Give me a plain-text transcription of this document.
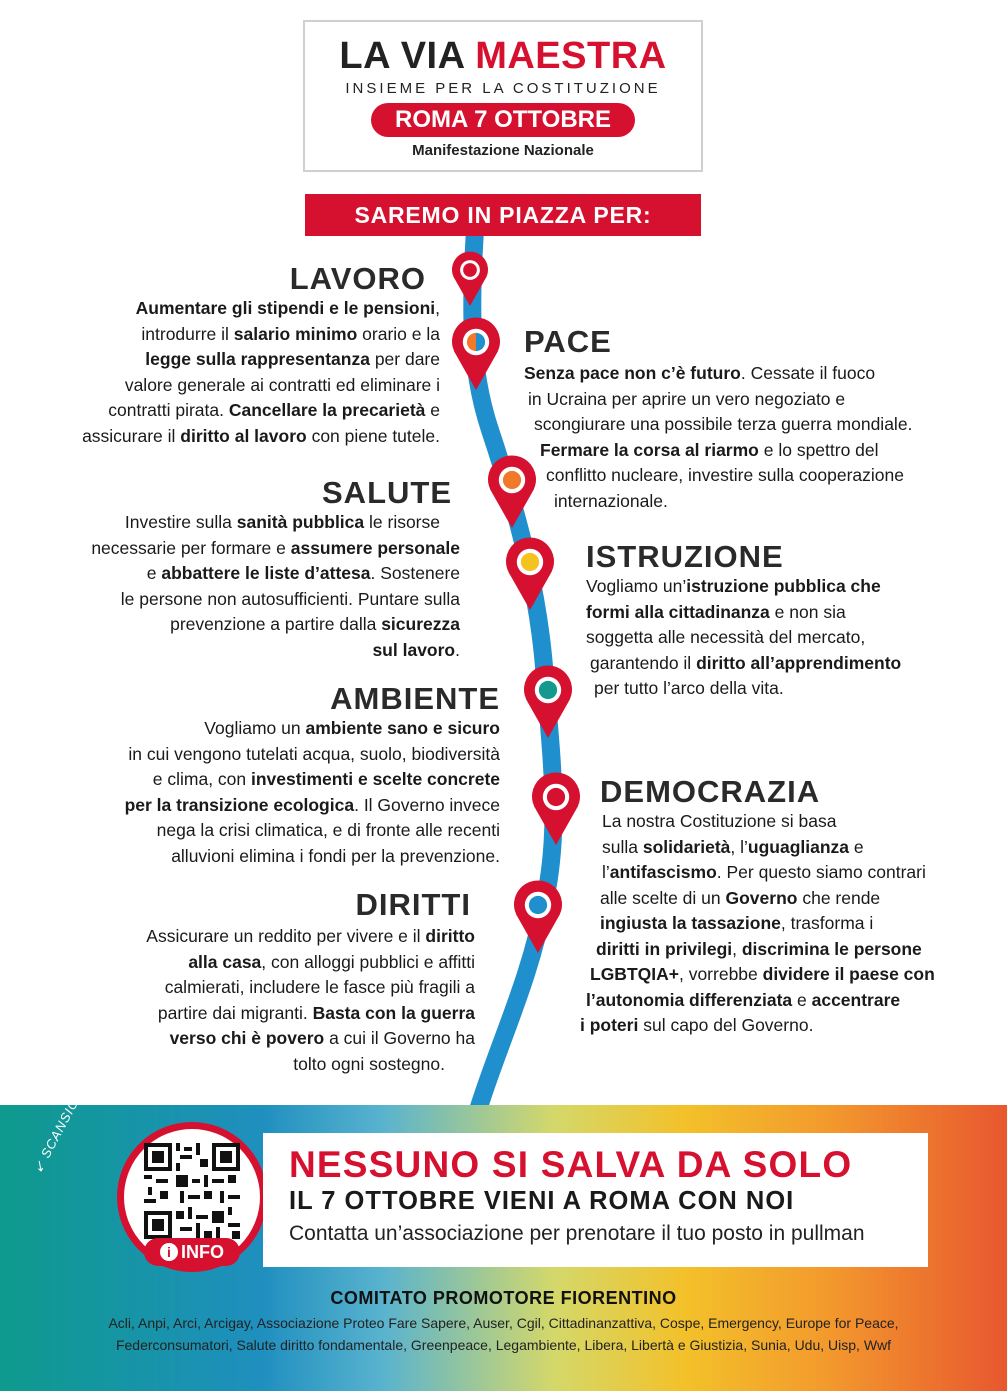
LA VIA MAESTRA
INSIEME PER LA COSTITUZIONE
ROMA 7 OTTOBRE
Manifestazione Nazionale
SAREMO IN PIAZZA PER:
LAVORO
Aumentare gli stipendi e le pensioni,
introdurre il salario minimo orario e la
legge sulla rappresentanza per dare
valore generale ai contratti ed eliminare i
contratti pirata. Cancellare la precarietà e
assicurare il diritto al lavoro con piene tutele.
PACE
Senza pace non c’è futuro. Cessate il fuoco
in Ucraina per aprire un vero negoziato e
scongiurare una possibile terza guerra mondiale.
Fermare la corsa al riarmo e lo spettro del
conflitto nucleare, investire sulla cooperazione
internazionale.
SALUTE
Investire sulla sanità pubblica le risorse
necessarie per formare e assumere personale
e abbattere le liste d’attesa. Sostenere
le persone non autosufficienti. Puntare sulla
prevenzione a partire dalla sicurezza
sul lavoro.
ISTRUZIONE
Vogliamo un’istruzione pubblica che
formi alla cittadinanza e non sia
soggetta alle necessità del mercato,
garantendo il diritto all’apprendimento
per tutto l’arco della vita.
AMBIENTE
Vogliamo un ambiente sano e sicuro
in cui vengono tutelati acqua, suolo, biodiversità
e clima, con investimenti e scelte concrete
per la transizione ecologica. Il Governo invece
nega la crisi climatica, e di fronte alle recenti
alluvioni elimina i fondi per la prevenzione.
DEMOCRAZIA
La nostra Costituzione si basa
sulla solidarietà, l’uguaglianza e
l’antifascismo. Per questo siamo contrari
alle scelte di un Governo che rende
ingiusta la tassazione, trasforma i
diritti in privilegi, discrimina le persone
LGBTQIA+, vorrebbe dividere il paese con
l’autonomia differenziata e accentrare
i poteri sul capo del Governo.
DIRITTI
Assicurare un reddito per vivere e il diritto
alla casa, con alloggi pubblici e affitti
calmierati, includere le fasce più fragili a
partire dai migranti. Basta con la guerra
verso chi è povero a cui il Governo ha
tolto ogni sostegno.
↙ SCANSIONA
i INFO
NESSUNO SI SALVA DA SOLO
IL 7 OTTOBRE VIENI A ROMA CON NOI
Contatta un’associazione per prenotare il tuo posto in pullman
COMITATO PROMOTORE FIORENTINO
Acli, Anpi, Arci, Arcigay, Associazione Proteo Fare Sapere, Auser, Cgil, Cittadinanzattiva, Cospe, Emergency, Europe for Peace,
Federconsumatori, Salute diritto fondamentale, Greenpeace, Legambiente, Libera, Libertà e Giustizia, Sunia, Udu, Uisp, Wwf
